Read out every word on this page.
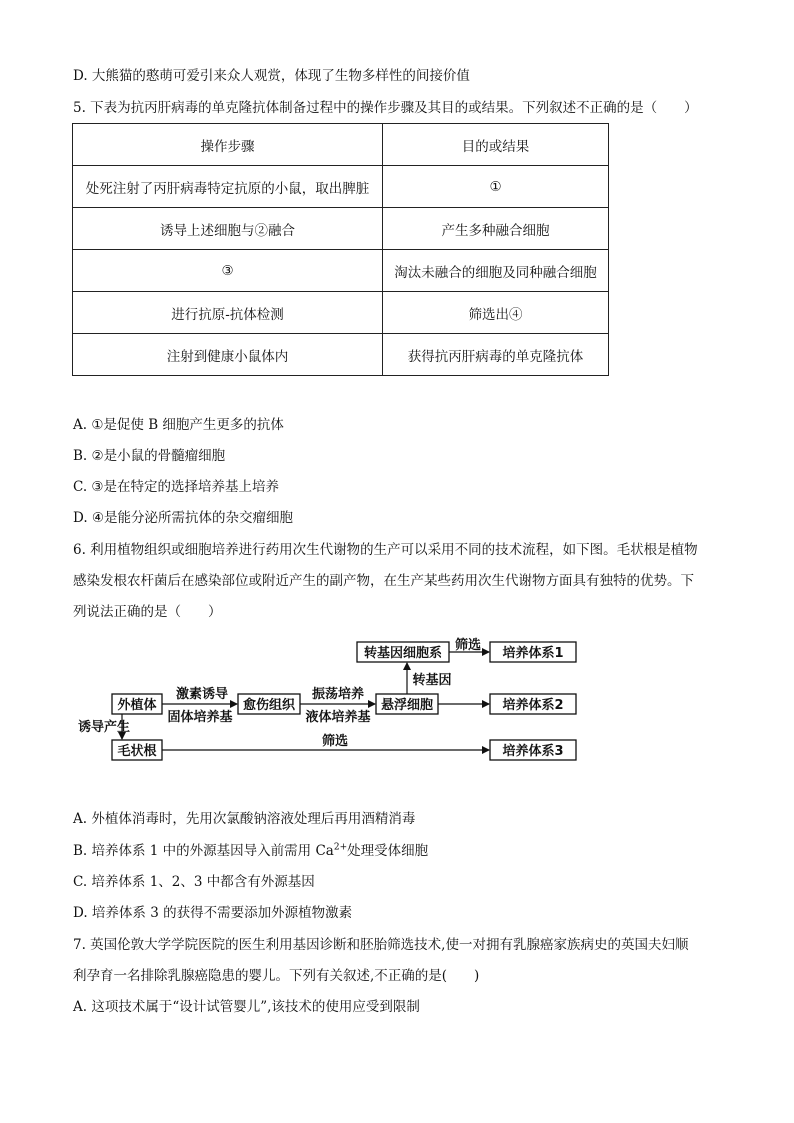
D. 大熊猫的憨萌可爱引来众人观赏，体现了生物多样性的间接价值
5. 下表为抗丙肝病毒的单克隆抗体制备过程中的操作步骤及其目的或结果。下列叙述不正确的是（　　）
操作步骤	目的或结果
处死注射了丙肝病毒特定抗原的小鼠，取出脾脏	①
诱导上述细胞与②融合	产生多种融合细胞
③	淘汰未融合的细胞及同种融合细胞
进行抗原-抗体检测	筛选出④
注射到健康小鼠体内	获得抗丙肝病毒的单克隆抗体
A. ①是促使 B 细胞产生更多的抗体
B. ②是小鼠的骨髓瘤细胞
C. ③是在特定的选择培养基上培养
D. ④是能分泌所需抗体的杂交瘤细胞
6. 利用植物组织或细胞培养进行药用次生代谢物的生产可以采用不同的技术流程，如下图。毛状根是植物
感染发根农杆菌后在感染部位或附近产生的副产物，在生产某些药用次生代谢物方面具有独特的优势。下
列说法正确的是（　　）
外植体	愈伤组织	悬浮细胞
转基因细胞系
毛状根
培养体系1
培养体系2
培养体系3
激素诱导
固体培养基
振荡培养
液体培养基
转基因
筛选
诱导产生
筛选
A. 外植体消毒时，先用次氯酸钠溶液处理后再用酒精消毒
B. 培养体系 1 中的外源基因导入前需用 $Ca^{2+}$处理受体细胞
C. 培养体系 1、2、3 中都含有外源基因
D. 培养体系 3 的获得不需要添加外源植物激素
7. 英国伦敦大学学院医院的医生利用基因诊断和胚胎筛选技术,使一对拥有乳腺癌家族病史的英国夫妇顺
利孕育一名排除乳腺癌隐患的婴儿。下列有关叙述,不正确的是(　　)
A. 这项技术属于“设计试管婴儿”,该技术的使用应受到限制
